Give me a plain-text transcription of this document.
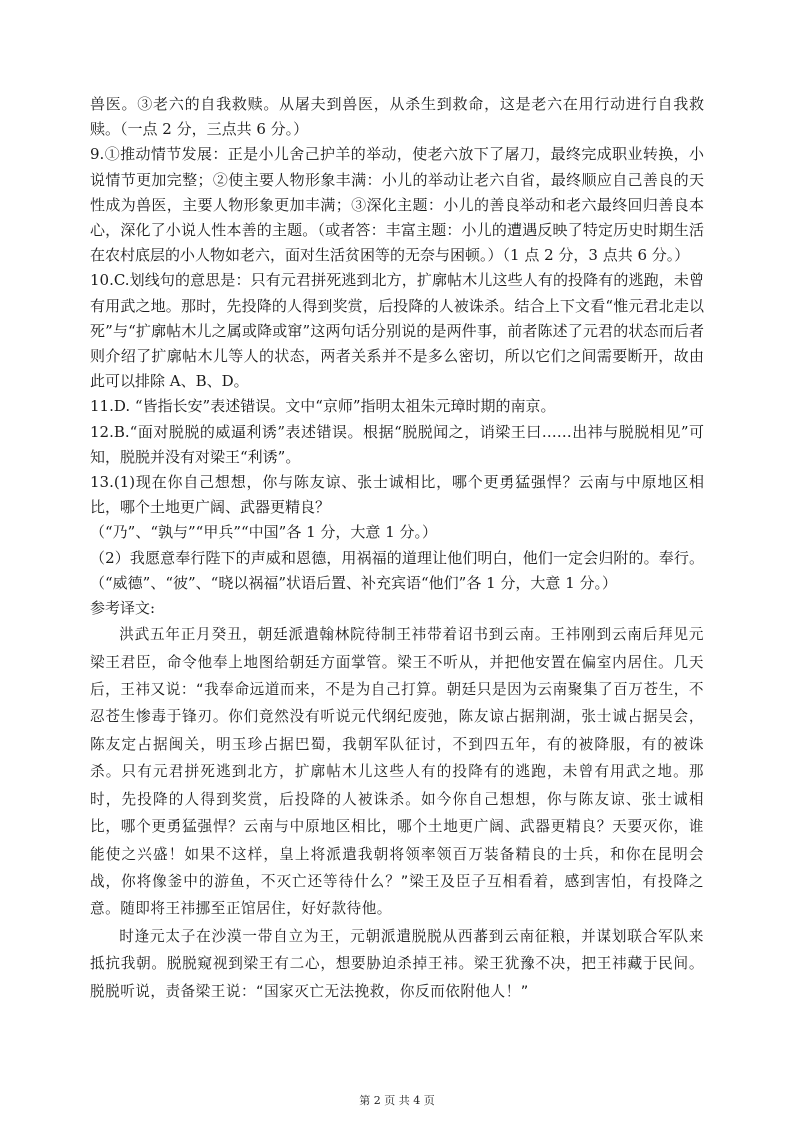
兽医。③老六的自我救赎。从屠夫到兽医，从杀生到救命，这是老六在用行动进行自我救赎。（一点 2 分，三点共 6 分。）

9.①推动情节发展：正是小儿舍己护羊的举动，使老六放下了屠刀，最终完成职业转换，小说情节更加完整；②使主要人物形象丰满：小儿的举动让老六自省，最终顺应自己善良的天性成为兽医，主要人物形象更加丰满；③深化主题：小儿的善良举动和老六最终回归善良本心，深化了小说人性本善的主题。（或者答：丰富主题：小儿的遭遇反映了特定历史时期生活在农村底层的小人物如老六，面对生活贫困等的无奈与困顿。）（1 点 2 分，3 点共 6 分。）

10.C.划线句的意思是：只有元君拼死逃到北方，扩廓帖木儿这些人有的投降有的逃跑，未曾有用武之地。那时，先投降的人得到奖赏，后投降的人被诛杀。结合上下文看“惟元君北走以死”与“扩廓帖木儿之属或降或窜”这两句话分别说的是两件事，前者陈述了元君的状态而后者则介绍了扩廓帖木儿等人的状态，两者关系并不是多么密切，所以它们之间需要断开，故由此可以排除 A、B、D。

11.D. “皆指长安”表述错误。文中“京师”指明太祖朱元璋时期的南京。

12.B.“面对脱脱的威逼利诱”表述错误。根据“脱脱闻之，诮梁王曰……出祎与脱脱相见”可知，脱脱并没有对梁王“利诱”。

13.(1)现在你自己想想，你与陈友谅、张士诚相比，哪个更勇猛强悍？云南与中原地区相比，哪个土地更广阔、武器更精良？

（“乃”、“孰与”“甲兵”“中国”各 1 分，大意 1 分。）

（2）我愿意奉行陛下的声威和恩德，用祸福的道理让他们明白，他们一定会归附的。奉行。（“威德”、“彼”、“晓以祸福”状语后置、补充宾语“他们”各 1 分，大意 1 分。）

参考译文:

洪武五年正月癸丑，朝廷派遣翰林院待制王祎带着诏书到云南。王祎刚到云南后拜见元梁王君臣，命令他奉上地图给朝廷方面掌管。梁王不听从，并把他安置在偏室内居住。几天后，王祎又说：“我奉命远道而来，不是为自己打算。朝廷只是因为云南聚集了百万苍生，不忍苍生惨毒于锋刃。你们竟然没有听说元代纲纪废弛，陈友谅占据荆湖，张士诚占据吴会，陈友定占据闽关，明玉珍占据巴蜀，我朝军队征讨，不到四五年，有的被降服，有的被诛杀。只有元君拼死逃到北方，扩廓帖木儿这些人有的投降有的逃跑，未曾有用武之地。那时，先投降的人得到奖赏，后投降的人被诛杀。如今你自己想想，你与陈友谅、张士诚相比，哪个更勇猛强悍？云南与中原地区相比，哪个土地更广阔、武器更精良？天要灭你，谁能使之兴盛！如果不这样，皇上将派遣我朝将领率领百万装备精良的士兵，和你在昆明会战，你将像釜中的游鱼，不灭亡还等待什么？”梁王及臣子互相看着，感到害怕，有投降之意。随即将王祎挪至正馆居住，好好款待他。

时逢元太子在沙漠一带自立为王，元朝派遣脱脱从西蕃到云南征粮，并谋划联合军队来抵抗我朝。脱脱窥视到梁王有二心，想要胁迫杀掉王祎。梁王犹豫不决，把王祎藏于民间。脱脱听说，责备梁王说：“国家灭亡无法挽救，你反而依附他人！”

第 2 页 共 4 页
